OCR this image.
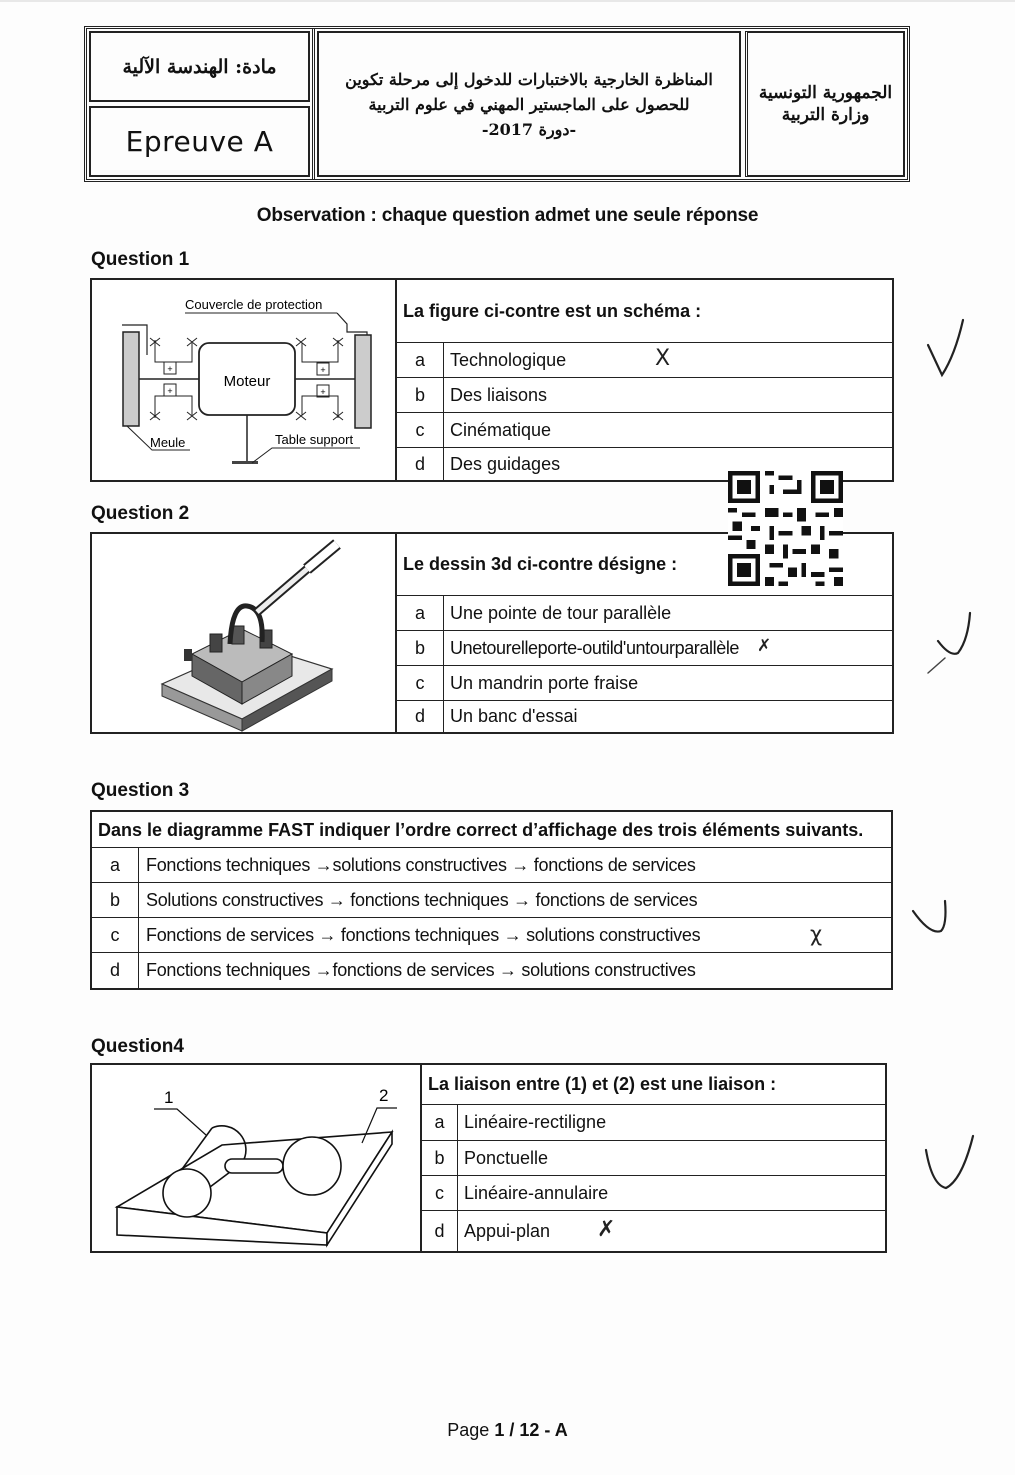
مادة: الهندسة الآلية
Epreuve A
المناظرة الخارجية بالاختبارات للدخول إلى مرحلة تكوين
للحصول على الماجستير المهني في علوم التربية
-دورة 2017-
الجمهورية التونسية
وزارة التربية
Observation : chaque question admet une seule réponse
Question 1
Couvercle de protection
Moteur
+
+
+
+
Meule	Table support
La figure ci-contre est un schéma :
a	Technologique	X
b	Des liaisons
c	Cinématique
d	Des guidages
Question 2
Le dessin 3d ci-contre désigne :
a	Une pointe de tour parallèle
b	Unetourelleporte-outild'untourparallèle ✗
c	Un mandrin porte fraise
d	Un banc d'essai
Question 3
Dans le diagramme FAST indiquer l’ordre correct d’affichage des trois éléments suivants.
a	Fonctions techniques →solutions constructives → fonctions de services
b	Solutions constructives → fonctions techniques → fonctions de services
c	Fonctions de services → fonctions techniques → solutions constructives	χ
d	Fonctions techniques →fonctions de services → solutions constructives
Question4
1	2
La liaison entre (1) et (2) est une liaison :
a	Linéaire-rectiligne
b	Ponctuelle
c	Linéaire-annulaire
d	Appui-plan ✗
Page 1 / 12 - A
